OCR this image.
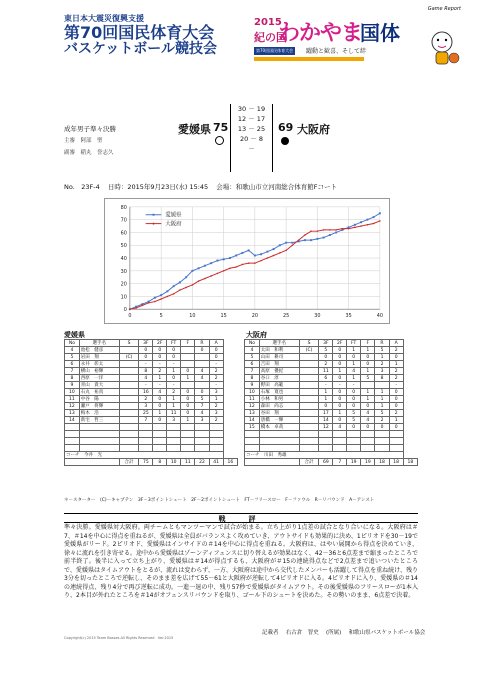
Game Report
東日本大震災復興支援
第70回国民体育大会
バスケットボール競技会
2015
紀の国
わかやま
国体
第70回国民体育大会	躍動と歓喜、そして絆
成年男子準々決勝
主審　 阿部　聖
副審　 稲丸　誉志久
愛媛県 75
30 － 19
12 － 17
13 － 25
20 － 8
－
69 大阪府
No.　23F-4 日時：2015年9月23日(水) 15:45 会場：和歌山市立河南総合体育館Fコート
0
10
20
30
40
50
60
70
80
0	5	10	15	20	25	30	35	40
愛媛県
大阪府
愛媛県	大阪府
No	選手名	S	3F	2F	FT	F	R	A	
4	池松　健彦		0	0	0		0	0	
5	岩田　翔	(C)	0	0	0			0	
6	永井　彰太		-	-	-			-	
7	横山　裕輝		8	2	1	0	4	2	
8	西原　一洋		4	1	0	1	4	2	
9	青山　貴大		-	-	-			-	
10	石丸　祐真		16	4	2	0	0	3	
11	中谷　陽		2	0	1	0	5	1	
12	瀬戸　将輝		3	0	1	0	7	2	
13	梅木　浩		25	1	11	0	4	3	
14	新宅　哲三		7	0	3	1	3	2	

コーチ　今井　光									
		合計	75	8	10	11	22	41	16
No	選手名	S	3F	2F	FT	F	R	A	
4	太田　和利	(C)	5	0	1	1	5	2	
5	山田　耕司		0	0	0	0	1	0	
6	吉田　翔		2	0	1	0	2	1	
7	高原　優紀		11	1	4	1	3	2	
8	谷口　淳		6	0	1	5	8	2	
9	野田　高範		-	-	-			-	
10	石塚　寛也		1	0	0	1	1	0	
11	小林　和男		1	0	0	1	1	0	
12	森田　尚志		0	0	0	0	1	0	
13	谷田　翔		17	1	5	4	5	2	
14	唐橋　一輝		14	0	5	4	2	1	
15	橋本　卓哉		12	4	0	0	0	0	

コーチ　川田　秀雄									
		合計	69	7	19	19	18	18	18
＊－スターター　(C)－キャプテン　3F－3ポイントシュート　2F－2ポイントシュート　FT－フリースロー　F－ファウル　R－リバウンド　A－アシスト
戦　評
準々決勝。愛媛県対大阪府。両チームともマンツーマンで試合が始まる。立ち上がり1点差の試合となり合いになる。大阪府は＃7、＃14を中心に得点を重ねるが、愛媛県は全員がバランスよく攻めていき、アウトサイドも効果的に決め、1ピリオドを30－19で愛媛県がリード。2ピリオド、愛媛県はインサイドの＃14を中心に得点を重ねる。大阪府は、はやい展開から得点を決めていき、徐々に流れを引き寄せる。途中から愛媛県はゾーンディフェンスに切り替えるが効果はなく、42－36と6点差まで縮まったところで前半終了。後半に入って立ち上がり、愛媛県は＃14が得点するも、大阪府が＃15の連続得点などで2点差まで追いついたところで、愛媛県はタイムアウトをとるが、流れは変わらず、一方、大阪府は途中から交代したメンバーも活躍して得点を重ね続け、残り3分を切ったところで逆転し、そのまま差を広げて55－61と大阪府が逆転して4ピリオドに入る。4ピリオドに入り、愛媛県の＃14の連続得点、残り4分で再び逆転に成功。一進一退の中、残り57秒で愛媛県がタイムアウト。その後愛媛県のフリースローが1本入り、2本目が外れたところを＃14がオフェンスリバウンドを取り、ゴール下のシュートを決めた。その勢いのまま、6点差で決着。
記載者　 右古倉　智史　 (所属)　 和歌山県バスケットボール協会
Copyright(c) 2015 Team Bosses All Rights Reserved　Ver.2015
